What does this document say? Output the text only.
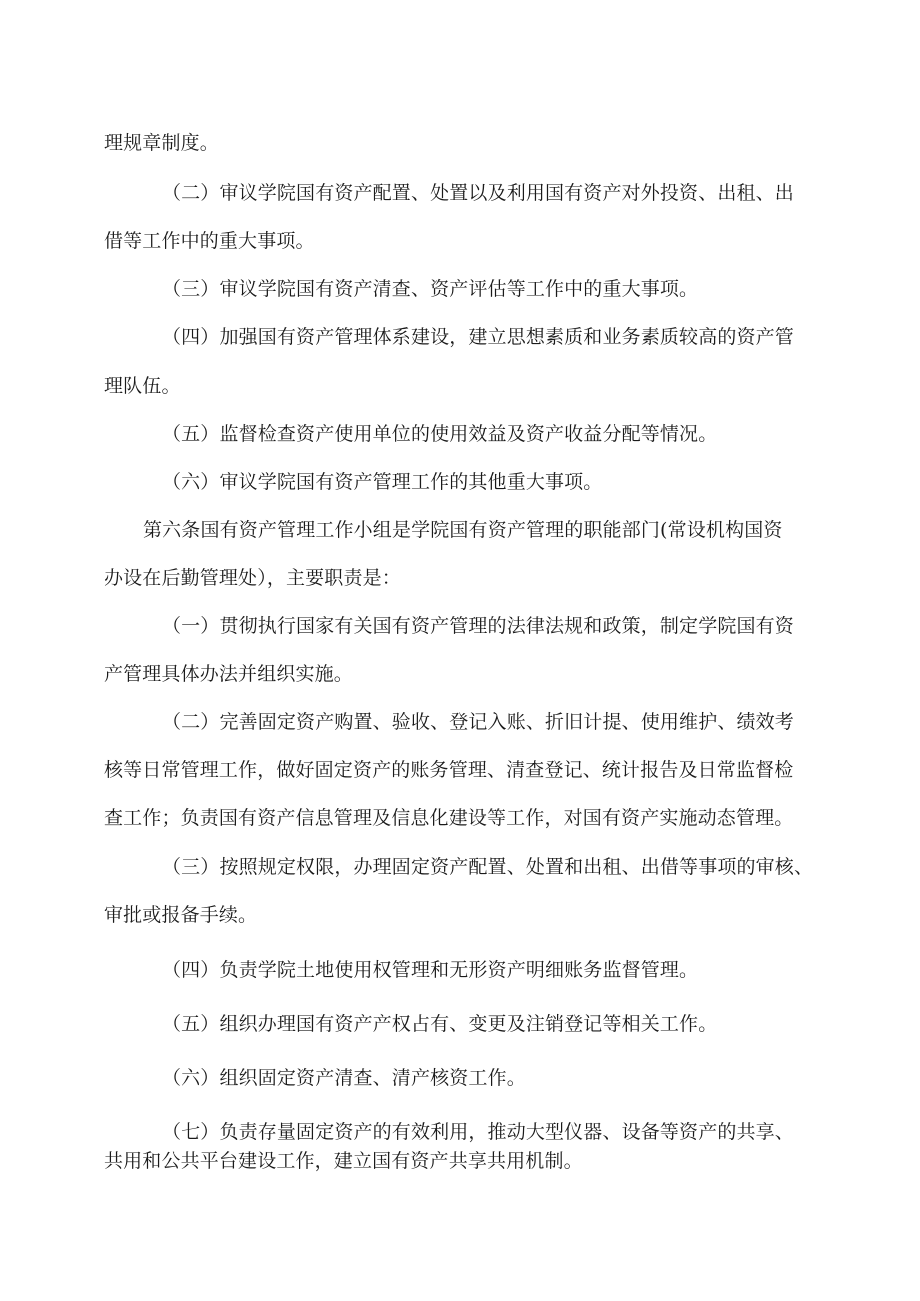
理规章制度。

（二）审议学院国有资产配置、处置以及利用国有资产对外投资、出租、出

借等工作中的重大事项。

（三）审议学院国有资产清查、资产评估等工作中的重大事项。

（四）加强国有资产管理体系建设，建立思想素质和业务素质较高的资产管

理队伍。

（五）监督检查资产使用单位的使用效益及资产收益分配等情况。

（六）审议学院国有资产管理工作的其他重大事项。

第六条国有资产管理工作小组是学院国有资产管理的职能部门(常设机构国资

办设在后勤管理处），主要职责是：

（一）贯彻执行国家有关国有资产管理的法律法规和政策，制定学院国有资

产管理具体办法并组织实施。

（二）完善固定资产购置、验收、登记入账、折旧计提、使用维护、绩效考

核等日常管理工作，做好固定资产的账务管理、清查登记、统计报告及日常监督检

查工作；负责国有资产信息管理及信息化建设等工作，对国有资产实施动态管理。

（三）按照规定权限，办理固定资产配置、处置和出租、出借等事项的审核、

审批或报备手续。

（四）负责学院土地使用权管理和无形资产明细账务监督管理。

（五）组织办理国有资产产权占有、变更及注销登记等相关工作。

（六）组织固定资产清查、清产核资工作。

（七）负责存量固定资产的有效利用，推动大型仪器、设备等资产的共享、

共用和公共平台建设工作，建立国有资产共享共用机制。
